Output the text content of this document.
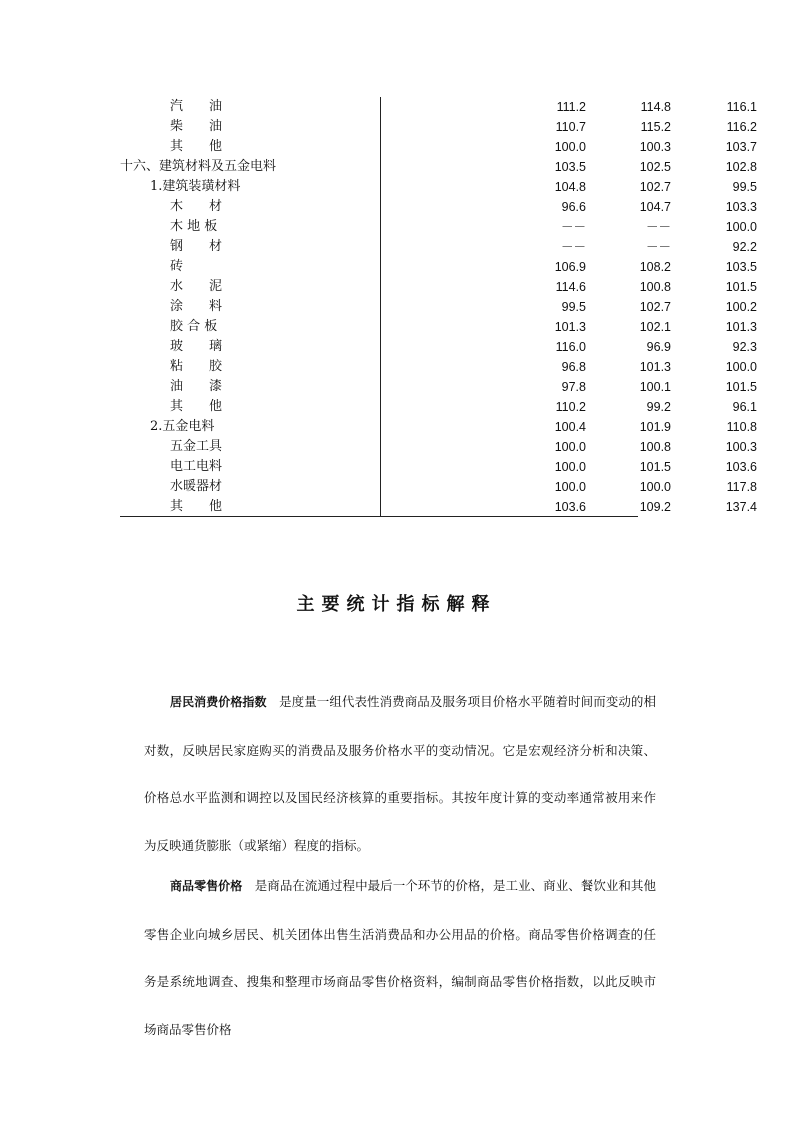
汽　　油	111.2	114.8	116.1
柴　　油	110.7	115.2	116.2
其　　他	100.0	100.3	103.7
十六、建筑材料及五金电料	103.5	102.5	102.8
1.建筑装璜材料	104.8	102.7	99.5
木　　材	96.6	104.7	103.3
木 地 板	－－	－－	100.0
钢　　材	－－	－－	92.2
砖	106.9	108.2	103.5
水　　泥	114.6	100.8	101.5
涂　　料	99.5	102.7	100.2
胶 合 板	101.3	102.1	101.3
玻　　璃	116.0	96.9	92.3
粘　　胶	96.8	101.3	100.0
油　　漆	97.8	100.1	101.5
其　　他	110.2	99.2	96.1
2.五金电料	100.4	101.9	110.8
五金工具	100.0	100.8	100.3
电工电料	100.0	101.5	103.6
水暖器材	100.0	100.0	117.8
其　　他	103.6	109.2	137.4
主要统计指标解释
居民消费价格指数　是度量一组代表性消费商品及服务项目价格水平随着时间而变动的相对数，反映居民家庭购买的消费品及服务价格水平的变动情况。它是宏观经济分析和决策、价格总水平监测和调控以及国民经济核算的重要指标。其按年度计算的变动率通常被用来作为反映通货膨胀（或紧缩）程度的指标。
商品零售价格　是商品在流通过程中最后一个环节的价格，是工业、商业、餐饮业和其他零售企业向城乡居民、机关团体出售生活消费品和办公用品的价格。商品零售价格调查的任务是系统地调查、搜集和整理市场商品零售价格资料，编制商品零售价格指数，以此反映市场商品零售价格
